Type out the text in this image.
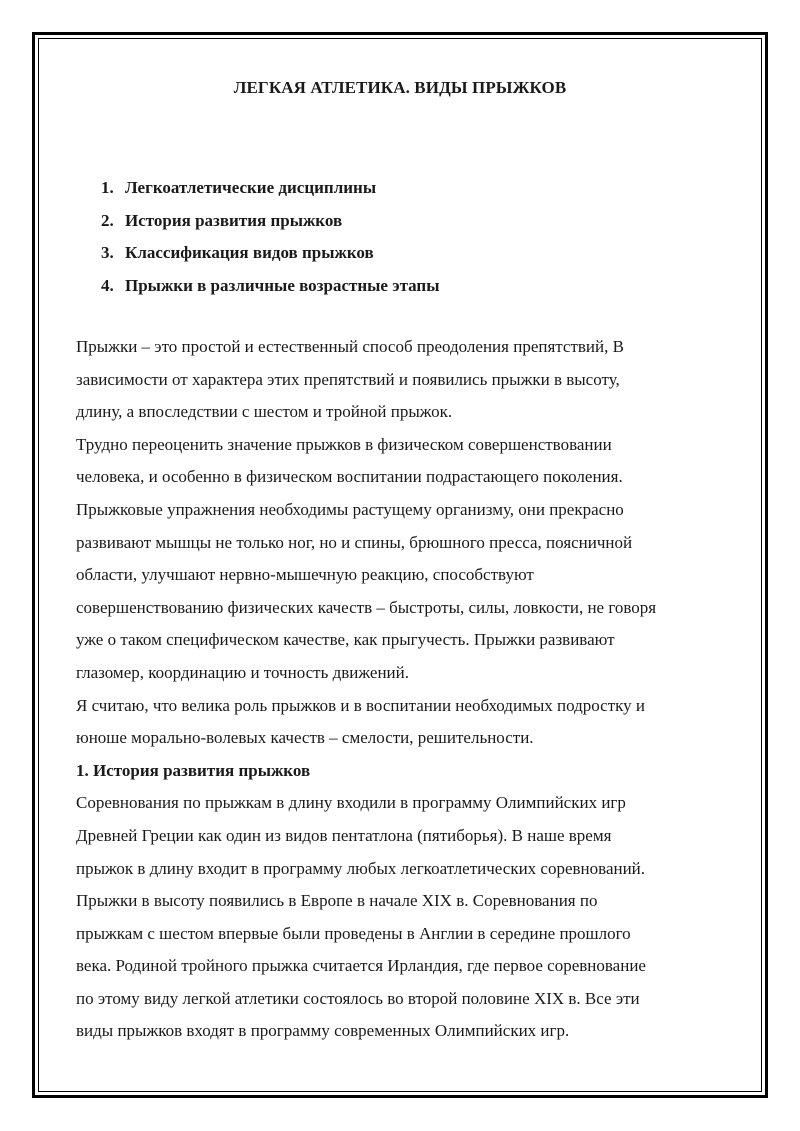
ЛЕГКАЯ АТЛЕТИКА. ВИДЫ ПРЫЖКОВ
1. Легкоатлетические дисциплины
2. История развития прыжков
3. Классификация видов прыжков
4. Прыжки в различные возрастные этапы
Прыжки – это простой и естественный способ преодоления препятствий, В
зависимости от характера этих препятствий и появились прыжки в высоту,
длину, а впоследствии с шестом и тройной прыжок.
Трудно переоценить значение прыжков в физическом совершенствовании
человека, и особенно в физическом воспитании подрастающего поколения.
Прыжковые упражнения необходимы растущему организму, они прекрасно
развивают мышцы не только ног, но и спины, брюшного пресса, поясничной
области, улучшают нервно-мышечную реакцию, способствуют
совершенствованию физических качеств – быстроты, силы, ловкости, не говоря
уже о таком специфическом качестве, как прыгучесть. Прыжки развивают
глазомер, координацию и точность движений.
Я считаю, что велика роль прыжков и в воспитании необходимых подростку и
юноше морально-волевых качеств – смелости, решительности.
1. История развития прыжков
Соревнования по прыжкам в длину входили в программу Олимпийских игр
Древней Греции как один из видов пентатлона (пятиборья). В наше время
прыжок в длину входит в программу любых легкоатлетических соревнований.
Прыжки в высоту появились в Европе в начале XIX в. Соревнования по
прыжкам с шестом впервые были проведены в Англии в середине прошлого
века. Родиной тройного прыжка считается Ирландия, где первое соревнование
по этому виду легкой атлетики состоялось во второй половине XIX в. Все эти
виды прыжков входят в программу современных Олимпийских игр.
